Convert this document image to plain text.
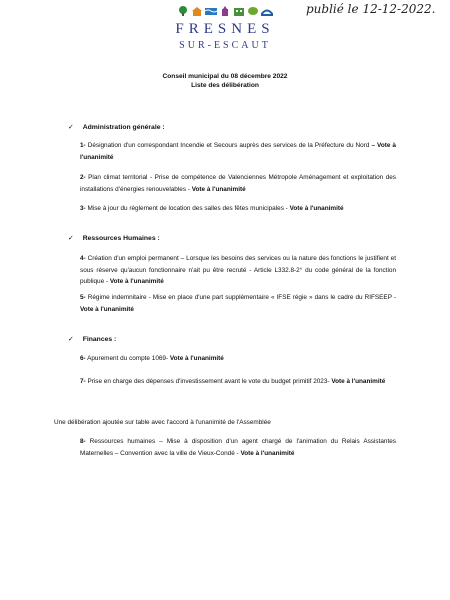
FRESNES
SUR-ESCAUT
publié le 12-12-2022.
Conseil municipal du 08 décembre 2022
Liste des délibération
✓ Administration générale :
1- Désignation d'un correspondant Incendie et Secours auprès des services de la Préfecture du Nord – Vote à l'unanimité
2- Plan climat territorial - Prise de compétence de Valenciennes Métropole Aménagement et exploitation des installations d'énergies renouvelables - Vote à l'unanimité
3- Mise à jour du règlement de location des salles des fêtes municipales - Vote à l'unanimité
✓ Ressources Humaines :
4- Création d'un emploi permanent – Lorsque les besoins des services ou la nature des fonctions le justifient et sous réserve qu'aucun fonctionnaire n'ait pu être recruté - Article L332.8-2° du code général de la fonction publique - Vote à l'unanimité
5- Régime indemnitaire - Mise en place d'une part supplémentaire « IFSE régie » dans le cadre du RIFSEEP - Vote à l'unanimité
✓ Finances :
6- Apurement du compte 1069- Vote à l'unanimité
7- Prise en charge des dépenses d'investissement avant le vote du budget primitif 2023- Vote à l'unanimité
Une délibération ajoutée sur table avec l'accord à l'unanimité de l'Assemblée
8- Ressources humaines – Mise à disposition d'un agent chargé de l'animation du Relais Assistantes Maternelles – Convention avec la ville de Vieux-Condé - Vote à l'unanimité
